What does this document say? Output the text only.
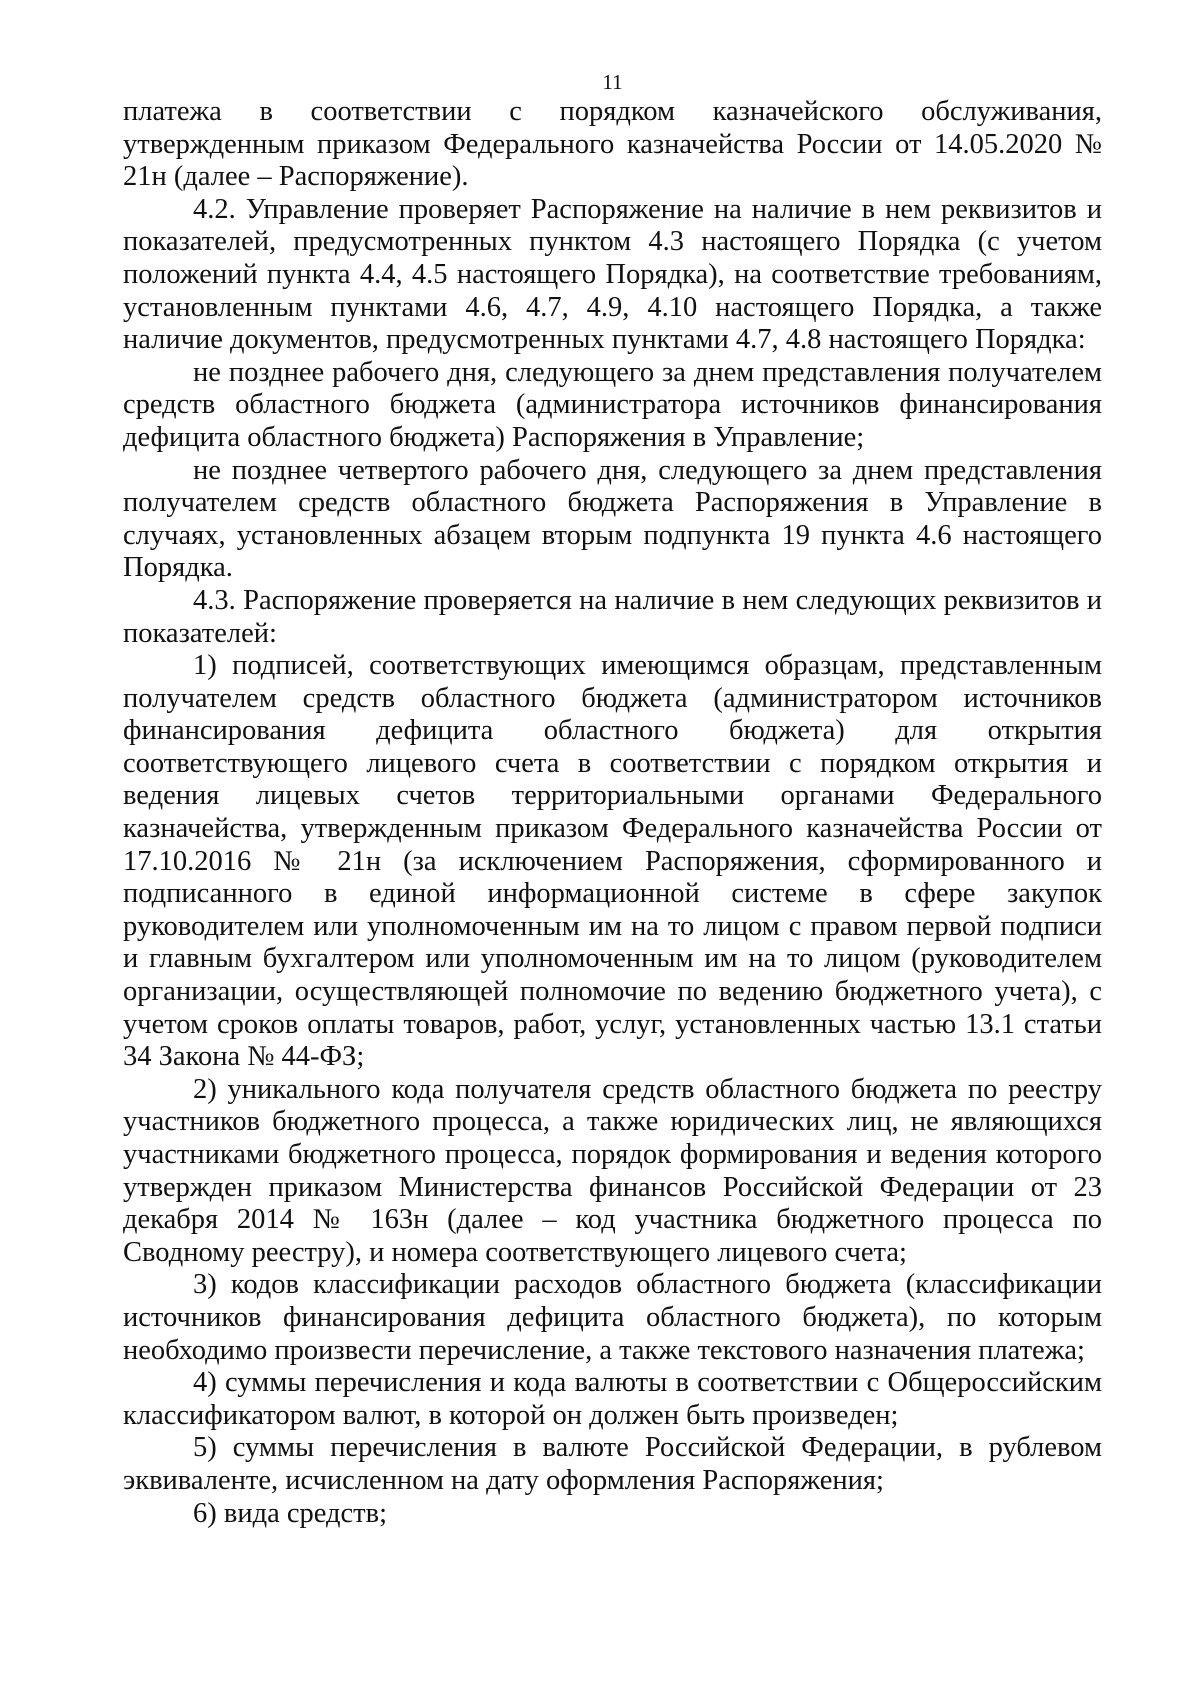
11

платежа в соответствии с порядком казначейского обслуживания, утвержденным приказом Федерального казначейства России от 14.05.2020 № 21н (далее – Распоряжение).

4.2. Управление проверяет Распоряжение на наличие в нем реквизитов и показателей, предусмотренных пунктом 4.3 настоящего Порядка (с учетом положений пункта 4.4, 4.5 настоящего Порядка), на соответствие требованиям, установленным пунктами 4.6, 4.7, 4.9, 4.10 настоящего Порядка, а также наличие документов, предусмотренных пунктами 4.7, 4.8 настоящего Порядка:

не позднее рабочего дня, следующего за днем представления получателем средств областного бюджета (администратора источников финансирования дефицита областного бюджета) Распоряжения в Управление;

не позднее четвертого рабочего дня, следующего за днем представления получателем средств областного бюджета Распоряжения в Управление в случаях, установленных абзацем вторым подпункта 19 пункта 4.6 настоящего Порядка.

4.3. Распоряжение проверяется на наличие в нем следующих реквизитов и показателей:

1) подписей, соответствующих имеющимся образцам, представленным получателем средств областного бюджета (администратором источников финансирования дефицита областного бюджета) для открытия соответствующего лицевого счета в соответствии с порядком открытия и ведения лицевых счетов территориальными органами Федерального казначейства, утвержденным приказом Федерального казначейства России от 17.10.2016 № 21н (за исключением Распоряжения, сформированного и подписанного в единой информационной системе в сфере закупок руководителем или уполномоченным им на то лицом с правом первой подписи и главным бухгалтером или уполномоченным им на то лицом (руководителем организации, осуществляющей полномочие по ведению бюджетного учета), с учетом сроков оплаты товаров, работ, услуг, установленных частью 13.1 статьи 34 Закона № 44-ФЗ;

2) уникального кода получателя средств областного бюджета по реестру участников бюджетного процесса, а также юридических лиц, не являющихся участниками бюджетного процесса, порядок формирования и ведения которого утвержден приказом Министерства финансов Российской Федерации от 23 декабря 2014 № 163н (далее – код участника бюджетного процесса по Сводному реестру), и номера соответствующего лицевого счета;

3) кодов классификации расходов областного бюджета (классификации источников финансирования дефицита областного бюджета), по которым необходимо произвести перечисление, а также текстового назначения платежа;

4) суммы перечисления и кода валюты в соответствии с Общероссийским классификатором валют, в которой он должен быть произведен;

5) суммы перечисления в валюте Российской Федерации, в рублевом эквиваленте, исчисленном на дату оформления Распоряжения;

6) вида средств;
